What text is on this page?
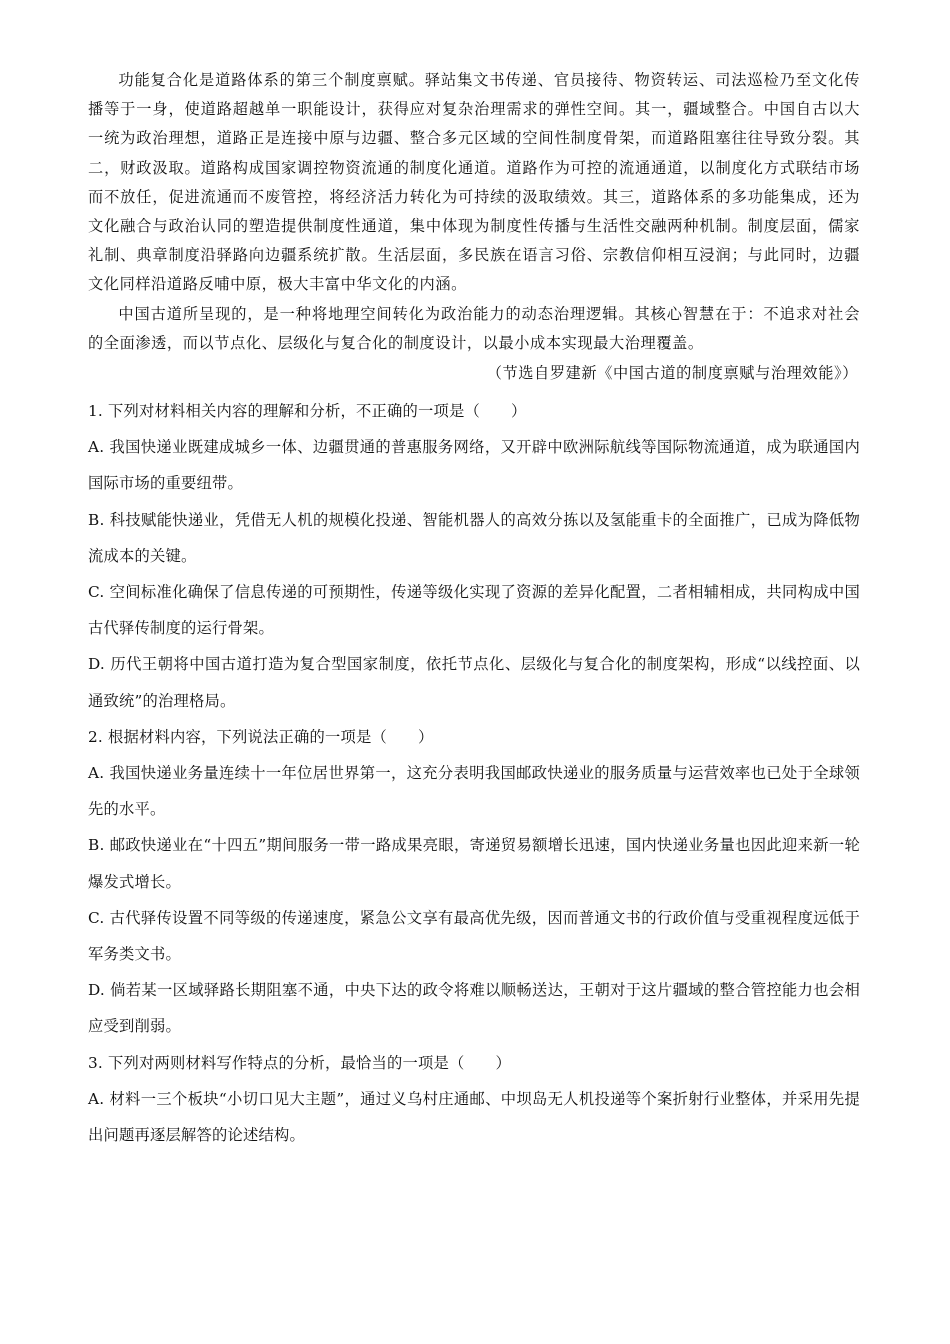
功能复合化是道路体系的第三个制度禀赋。驿站集文书传递、官员接待、物资转运、司法巡检乃至文化传播等于一身，使道路超越单一职能设计，获得应对复杂治理需求的弹性空间。其一，疆域整合。中国自古以大一统为政治理想，道路正是连接中原与边疆、整合多元区域的空间性制度骨架，而道路阻塞往往导致分裂。其二，财政汲取。道路构成国家调控物资流通的制度化通道。道路作为可控的流通通道，以制度化方式联结市场而不放任，促进流通而不废管控，将经济活力转化为可持续的汲取绩效。其三，道路体系的多功能集成，还为文化融合与政治认同的塑造提供制度性通道，集中体现为制度性传播与生活性交融两种机制。制度层面，儒家礼制、典章制度沿驿路向边疆系统扩散。生活层面，多民族在语言习俗、宗教信仰相互浸润；与此同时，边疆文化同样沿道路反哺中原，极大丰富中华文化的内涵。

中国古道所呈现的，是一种将地理空间转化为政治能力的动态治理逻辑。其核心智慧在于：不追求对社会的全面渗透，而以节点化、层级化与复合化的制度设计，以最小成本实现最大治理覆盖。

（节选自罗建新《中国古道的制度禀赋与治理效能》）

1. 下列对材料相关内容的理解和分析，不正确的一项是（　　）

A. 我国快递业既建成城乡一体、边疆贯通的普惠服务网络，又开辟中欧洲际航线等国际物流通道，成为联通国内国际市场的重要纽带。

B. 科技赋能快递业，凭借无人机的规模化投递、智能机器人的高效分拣以及氢能重卡的全面推广，已成为降低物流成本的关键。

C. 空间标准化确保了信息传递的可预期性，传递等级化实现了资源的差异化配置，二者相辅相成，共同构成中国古代驿传制度的运行骨架。

D. 历代王朝将中国古道打造为复合型国家制度，依托节点化、层级化与复合化的制度架构，形成“以线控面、以通致统”的治理格局。

2. 根据材料内容，下列说法正确的一项是（　　）

A. 我国快递业务量连续十一年位居世界第一，这充分表明我国邮政快递业的服务质量与运营效率也已处于全球领先的水平。

B. 邮政快递业在“十四五”期间服务一带一路成果亮眼，寄递贸易额增长迅速，国内快递业务量也因此迎来新一轮爆发式增长。

C. 古代驿传设置不同等级的传递速度，紧急公文享有最高优先级，因而普通文书的行政价值与受重视程度远低于军务类文书。

D. 倘若某一区域驿路长期阻塞不通，中央下达的政令将难以顺畅送达，王朝对于这片疆域的整合管控能力也会相应受到削弱。

3. 下列对两则材料写作特点的分析，最恰当的一项是（　　）

A. 材料一三个板块“小切口见大主题”，通过义乌村庄通邮、中坝岛无人机投递等个案折射行业整体，并采用先提出问题再逐层解答的论述结构。
